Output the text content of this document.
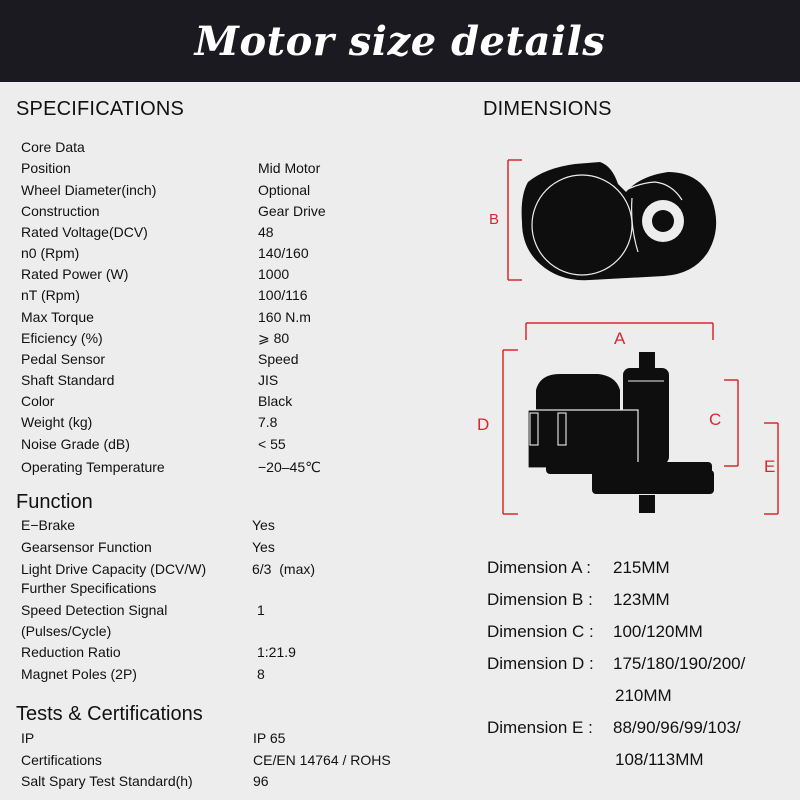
Motor size details
SPECIFICATIONS
Core Data
Position	Mid Motor
Wheel Diameter(inch)	Optional
Construction	Gear Drive
Rated Voltage(DCV)	48
n0 (Rpm)	140/160
Rated Power (W)	1000
nT (Rpm)	100/116
Max Torque	160 N.m
Eficiency (%)	⩾ 80
Pedal Sensor	Speed
Shaft Standard	JIS
Color	Black
Weight (kg)	7.8
Noise Grade (dB)	< 55
Operating Temperature	−20–45℃
Function
E−Brake	Yes
Gearsensor Function	Yes
Light Drive Capacity (DCV/W)	6/3  (max)
Further Specifications
Speed Detection Signal	1
(Pulses/Cycle)
Reduction Ratio	1:21.9
Magnet Poles (2P)	8
Tests & Certifications
IP	IP 65
Certifications	CE/EN 14764 / ROHS
Salt Spary Test Standard(h)	96
DIMENSIONS
B
A
D	C
E
Dimension A : 215MM
Dimension B : 123MM
Dimension C : 100/120MM
Dimension D : 175/180/190/200/
210MM
Dimension E : 88/90/96/99/103/
108/113MM
